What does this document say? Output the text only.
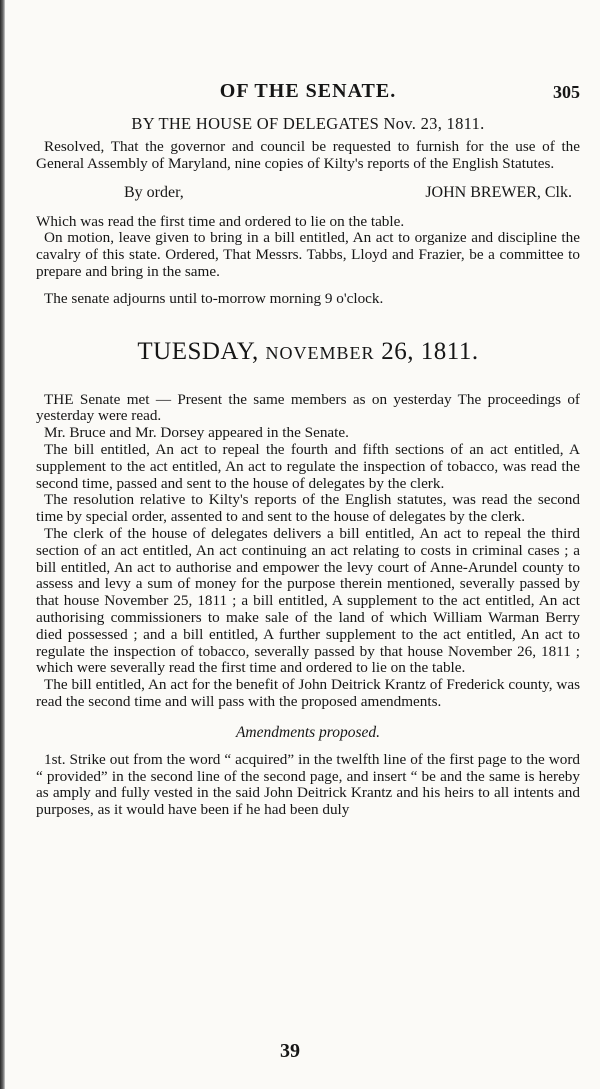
OF THE SENATE.	305
BY THE HOUSE OF DELEGATES Nov. 23, 1811.

Resolved, That the governor and council be requested to furnish for the use of the General Assembly of Maryland, nine copies of Kilty's reports of the English Statutes.

By order,	JOHN BREWER, Clk.

Which was read the first time and ordered to lie on the table.

On motion, leave given to bring in a bill entitled, An act to organize and discipline the cavalry of this state. Ordered, That Messrs. Tabbs, Lloyd and Frazier, be a committee to prepare and bring in the same.

The senate adjourns until to-morrow morning 9 o'clock.

TUESDAY, NOVEMBER 26, 1811.

THE Senate met — Present the same members as on yesterday The proceedings of yesterday were read.

Mr. Bruce and Mr. Dorsey appeared in the Senate.

The bill entitled, An act to repeal the fourth and fifth sections of an act entitled, A supplement to the act entitled, An act to regulate the inspection of tobacco, was read the second time, passed and sent to the house of delegates by the clerk.

The resolution relative to Kilty's reports of the English statutes, was read the second time by special order, assented to and sent to the house of delegates by the clerk.

The clerk of the house of delegates delivers a bill entitled, An act to repeal the third section of an act entitled, An act continuing an act relating to costs in criminal cases ; a bill entitled, An act to authorise and empower the levy court of Anne-Arundel county to assess and levy a sum of money for the purpose therein mentioned, severally passed by that house November 25, 1811 ; a bill entitled, A supplement to the act entitled, An act authorising commissioners to make sale of the land of which William Warman Berry died possessed ; and a bill entitled, A further supplement to the act entitled, An act to regulate the inspection of tobacco, severally passed by that house November 26, 1811 ; which were severally read the first time and ordered to lie on the table.

The bill entitled, An act for the benefit of John Deitrick Krantz of Frederick county, was read the second time and will pass with the proposed amendments.

Amendments proposed.

1st. Strike out from the word “ acquired” in the twelfth line of the first page to the word “ provided” in the second line of the second page, and insert “ be and the same is hereby as amply and fully vested in the said John Deitrick Krantz and his heirs to all intents and purposes, as it would have been if he had been duly

39
